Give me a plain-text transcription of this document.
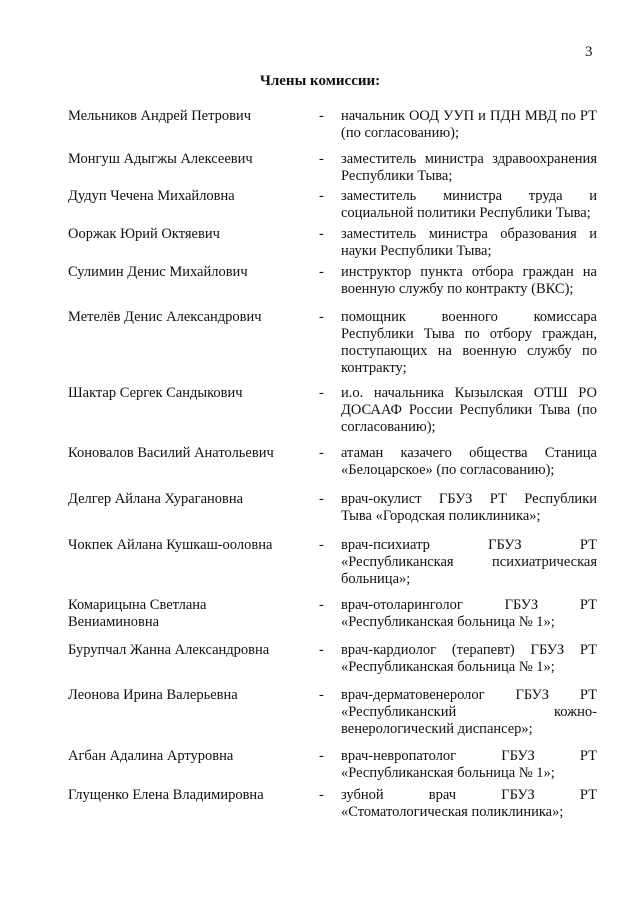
3
Члены комиссии:
Мельников Андрей Петрович	- начальник ООД УУП и ПДН МВД по РТ
(по согласованию);
Монгуш Адыгжы Алексеевич	- заместитель министра здравоохранения
Республики Тыва;
Дудуп Чечена Михайловна	- заместитель министра труда и
социальной политики Республики Тыва;
Ооржак Юрий Октяевич	- заместитель министра образования и
науки Республики Тыва;
Сулимин Денис Михайлович	- инструктор пункта отбора граждан на
военную службу по контракту (ВКС);
Метелёв Денис Александрович	- помощник военного комиссара
Республики Тыва по отбору граждан,
поступающих на военную службу по
контракту;
Шактар Сергек Сандыкович	- и.о. начальника Кызылская ОТШ РО
ДОСААФ России Республики Тыва (по
согласованию);
Коновалов Василий Анатольевич	- атаман казачего общества Станица
«Белоцарское» (по согласованию);
Делгер Айлана Хурагановна	- врач-окулист ГБУЗ РТ Республики
Тыва «Городская поликлиника»;
Чокпек Айлана Кушкаш-ооловна	- врач-психиатр ГБУЗ РТ
«Республиканская психиатрическая
больница»;
Комарицына Светлана
Вениаминовна
- врач-отоларинголог ГБУЗ РТ
«Республиканская больница № 1»;
Бурупчал Жанна Александровна	- врач-кардиолог (терапевт) ГБУЗ РТ
«Республиканская больница № 1»;
Леонова Ирина Валерьевна	- врач-дерматовенеролог ГБУЗ РТ
«Республиканский кожно-
венерологический диспансер»;
Агбан Адалина Артуровна	- врач-невропатолог ГБУЗ РТ
«Республиканская больница № 1»;
Глущенко Елена Владимировна	- зубной врач ГБУЗ РТ
«Стоматологическая поликлиника»;
